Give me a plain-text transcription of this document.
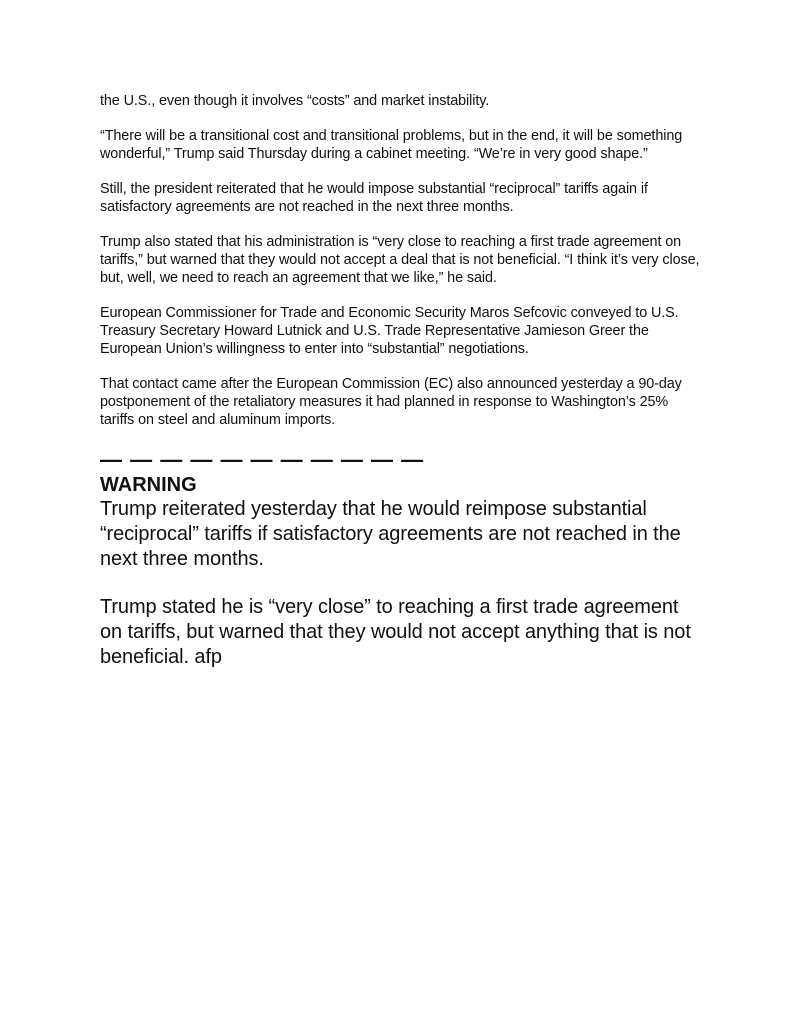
the U.S., even though it involves “costs” and market instability.

“There will be a transitional cost and transitional problems, but in the end, it will be something wonderful,” Trump said Thursday during a cabinet meeting. “We’re in very good shape.”

Still, the president reiterated that he would impose substantial “reciprocal” tariffs again if satisfactory agreements are not reached in the next three months.

Trump also stated that his administration is “very close to reaching a first trade agreement on tariffs,” but warned that they would not accept a deal that is not beneficial. “I think it’s very close, but, well, we need to reach an agreement that we like,” he said.

European Commissioner for Trade and Economic Security Maros Sefcovic conveyed to U.S. Treasury Secretary Howard Lutnick and U.S. Trade Representative Jamieson Greer the European Union’s willingness to enter into “substantial” negotiations.

That contact came after the European Commission (EC) also announced yesterday a 90-day postponement of the retaliatory measures it had planned in response to Washington’s 25% tariffs on steel and aluminum imports.

— — — — — — — — — — —
WARNING

Trump reiterated yesterday that he would reimpose substantial “reciprocal” tariffs if satisfactory agreements are not reached in the next three months.

Trump stated he is “very close” to reaching a first trade agreement on tariffs, but warned that they would not accept anything that is not beneficial. afp
